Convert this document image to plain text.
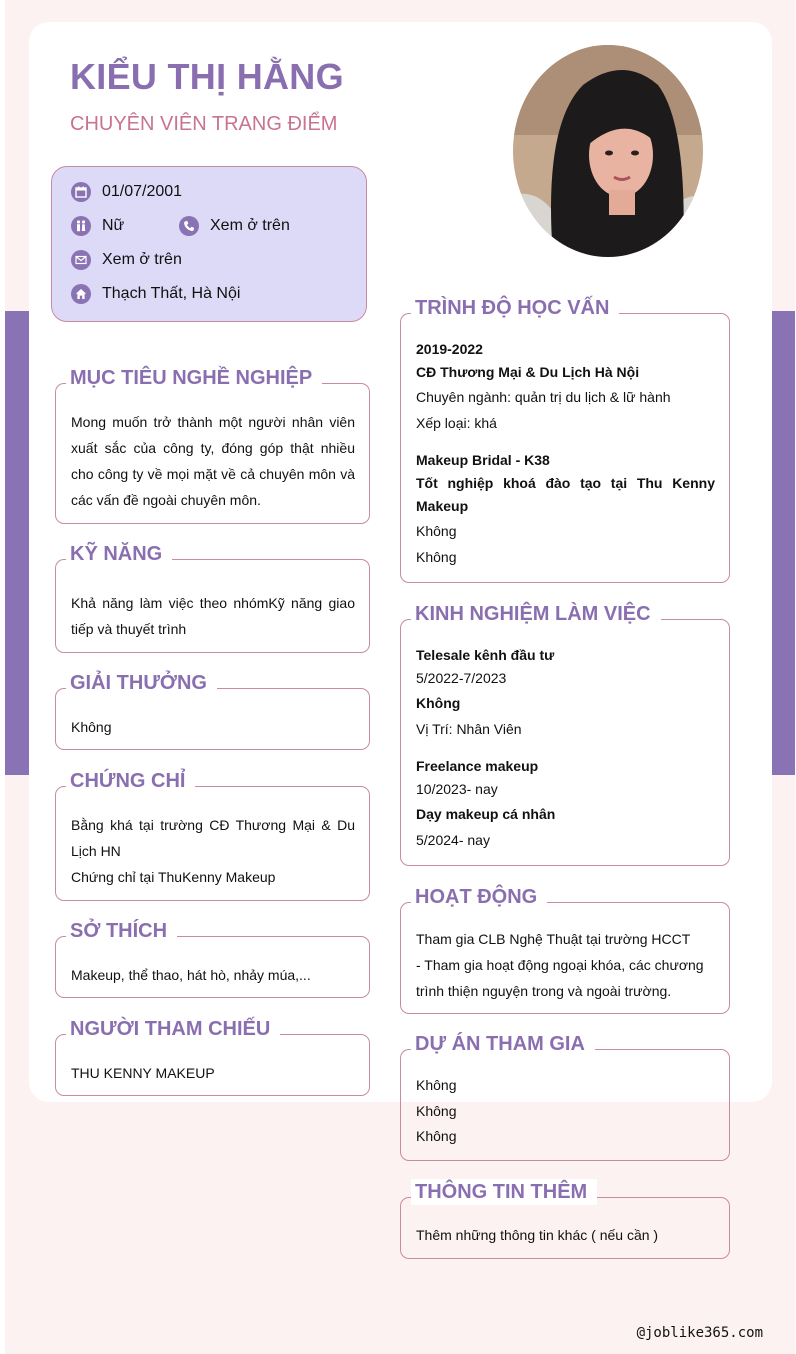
KIỂU THỊ HẰNG
CHUYÊN VIÊN TRANG ĐIỂM
01/07/2001
Nữ	Xem ở trên
Xem ở trên
Thạch Thất, Hà Nội
MỤC TIÊU NGHỀ NGHIỆP
Mong muốn trở thành một người nhân viên xuất sắc của công ty, đóng góp thật nhiều cho công ty về mọi mặt về cả chuyên môn và các vấn đề ngoài chuyên môn.
KỸ NĂNG
Khả năng làm việc theo nhómKỹ năng giao tiếp và thuyết trình
GIẢI THƯỞNG
Không
CHỨNG CHỈ

Bằng khá tại trường CĐ Thương Mại & Du Lịch HN

Chứng chỉ tại ThuKenny Makeup

SỞ THÍCH
Makeup, thể thao, hát hò, nhảy múa,...
NGƯỜI THAM CHIẾU
THU KENNY MAKEUP
TRÌNH ĐỘ HỌC VẤN
2019-2022
CĐ Thương Mại & Du Lịch Hà Nội
Chuyên ngành: quản trị du lịch & lữ hành
Xếp loại: khá
Makeup Bridal - K38
Tốt nghiệp khoá đào tạo tại Thu Kenny Makeup
Không
Không
KINH NGHIỆM LÀM VIỆC
Telesale kênh đầu tư
5/2022-7/2023
Không
Vị Trí: Nhân Viên
Freelance makeup
10/2023- nay
Dạy makeup cá nhân
5/2024- nay
HOẠT ĐỘNG
Tham gia CLB Nghệ Thuật tại trường HCCT
- Tham gia hoạt động ngoại khóa, các chương trình thiện nguyện trong và ngoài trường.
DỰ ÁN THAM GIA
Không
Không
Không
THÔNG TIN THÊM
Thêm những thông tin khác ( nếu cần )
@joblike365.com
